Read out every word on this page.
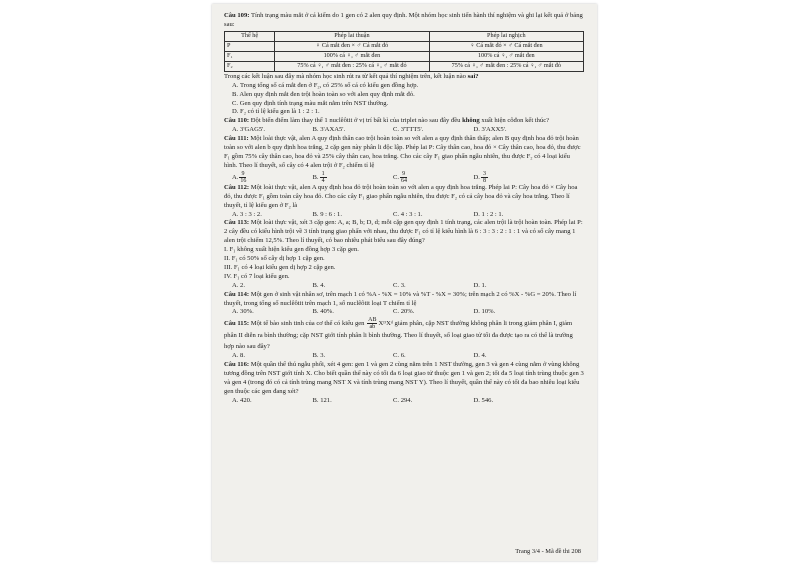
Câu 109: Tính trạng màu mắt ở cá kiếm do 1 gen có 2 alen quy định. Một nhóm học sinh tiến hành thí nghiệm và ghi lại kết quả ở bảng sau:

Thế hệ	Phép lai thuận	Phép lai nghịch
P	♀ Cá mắt đen × ♂ Cá mắt đỏ	♀ Cá mắt đỏ × ♂ Cá mắt đen
F₁	100% cá ♀, ♂ mắt đen	100% cá ♀, ♂ mắt đen
F₂	75% cá ♀, ♂ mắt đen : 25% cá ♀, ♂ mắt đỏ	75% cá ♀, ♂ mắt đen : 25% cá ♀, ♂ mắt đỏ

Trong các kết luận sau đây mà nhóm học sinh rút ra từ kết quả thí nghiệm trên, kết luận nào sai?

A. Trong tổng số cá mắt đen ở F₂, có 25% số cá có kiểu gen đồng hợp.

B. Alen quy định mắt đen trội hoàn toàn so với alen quy định mắt đỏ.

C. Gen quy định tính trạng màu mắt nằm trên NST thường.

D. F₂ có tỉ lệ kiểu gen là 1 : 2 : 1.

Câu 110: Đột biến điểm làm thay thế 1 nuclêôtit ở vị trí bất kì của triplet nào sau đây đều không xuất hiện côđon kết thúc?

A. 3'GAG5'.	B. 3'AXA5'.	C. 3'TTT5'.	D. 3'AXX5'.

Câu 111: Một loài thực vật, alen A quy định thân cao trội hoàn toàn so với alen a quy định thân thấp; alen B quy định hoa đỏ trội hoàn toàn so với alen b quy định hoa trắng, 2 cặp gen này phân li độc lập. Phép lai P: Cây thân cao, hoa đỏ × Cây thân cao, hoa đỏ, thu được F₁ gồm 75% cây thân cao, hoa đỏ và 25% cây thân cao, hoa trắng. Cho các cây F₁ giao phấn ngẫu nhiên, thu được F₂ có 4 loại kiểu hình. Theo lí thuyết, số cây có 4 alen trội ở F₂ chiếm tỉ lệ

A. $\frac{9}{16}$	B. $\frac{1}{4}$	C. $\frac{9}{64}$	D. $\frac{3}{8}$

Câu 112: Một loài thực vật, alen A quy định hoa đỏ trội hoàn toàn so với alen a quy định hoa trắng. Phép lai P: Cây hoa đỏ × Cây hoa đỏ, thu được F₁ gồm toàn cây hoa đỏ. Cho các cây F₁ giao phấn ngẫu nhiên, thu được F₂ có cả cây hoa đỏ và cây hoa trắng. Theo lí thuyết, tỉ lệ kiểu gen ở F₂ là

A. 3 : 3 : 2.	B. 9 : 6 : 1.	C. 4 : 3 : 1.	D. 1 : 2 : 1.

Câu 113: Một loài thực vật, xét 3 cặp gen: A, a; B, b; D, d; mỗi cặp gen quy định 1 tính trạng, các alen trội là trội hoàn toàn. Phép lai P: 2 cây đều có kiểu hình trội về 3 tính trạng giao phấn với nhau, thu được F₁ có tỉ lệ kiểu hình là 6 : 3 : 3 : 2 : 1 : 1 và có số cây mang 1 alen trội chiếm 12,5%. Theo lí thuyết, có bao nhiêu phát biểu sau đây đúng?

I. F₁ không xuất hiện kiểu gen đồng hợp 3 cặp gen.

II. F₁ có 50% số cây dị hợp 1 cặp gen.

III. F₁ có 4 loại kiểu gen dị hợp 2 cặp gen.

IV. F₁ có 7 loại kiểu gen.

A. 2.	B. 4.	C. 3.	D. 1.

Câu 114: Một gen ở sinh vật nhân sơ, trên mạch 1 có %A - %X = 10% và %T - %X = 30%; trên mạch 2 có %X - %G = 20%. Theo lí thuyết, trong tổng số nuclêôtit trên mạch 1, số nuclêôtit loại T chiếm tỉ lệ

A. 30%.	B. 40%.	C. 20%.	D. 10%.

Câu 115: Một tế bào sinh tinh của cơ thể có kiểu gen $\frac{AB}{ab}$ XᴰXᵈ giảm phân, cặp NST thường không phân li trong giảm phân I, giảm phân II diễn ra bình thường; cặp NST giới tính phân li bình thường. Theo lí thuyết, số loại giao tử tối đa được tạo ra có thể là trường hợp nào sau đây?

A. 8.	B. 3.	C. 6.	D. 4.

Câu 116: Một quần thể thú ngẫu phối, xét 4 gen: gen 1 và gen 2 cùng nằm trên 1 NST thường, gen 3 và gen 4 cùng nằm ở vùng không tương đồng trên NST giới tính X. Cho biết quần thể này có tối đa 6 loại giao tử thuộc gen 1 và gen 2; tối đa 5 loại tính trùng thuộc gen 3 và gen 4 (trong đó có cả tính trùng mang NST X và tính trùng mang NST Y). Theo lí thuyết, quần thể này có tối đa bao nhiêu loại kiểu gen thuộc các gen đang xét?

A. 420.	B. 121.	C. 294.	D. 546.
Trang 3/4 - Mã đề thi 208
